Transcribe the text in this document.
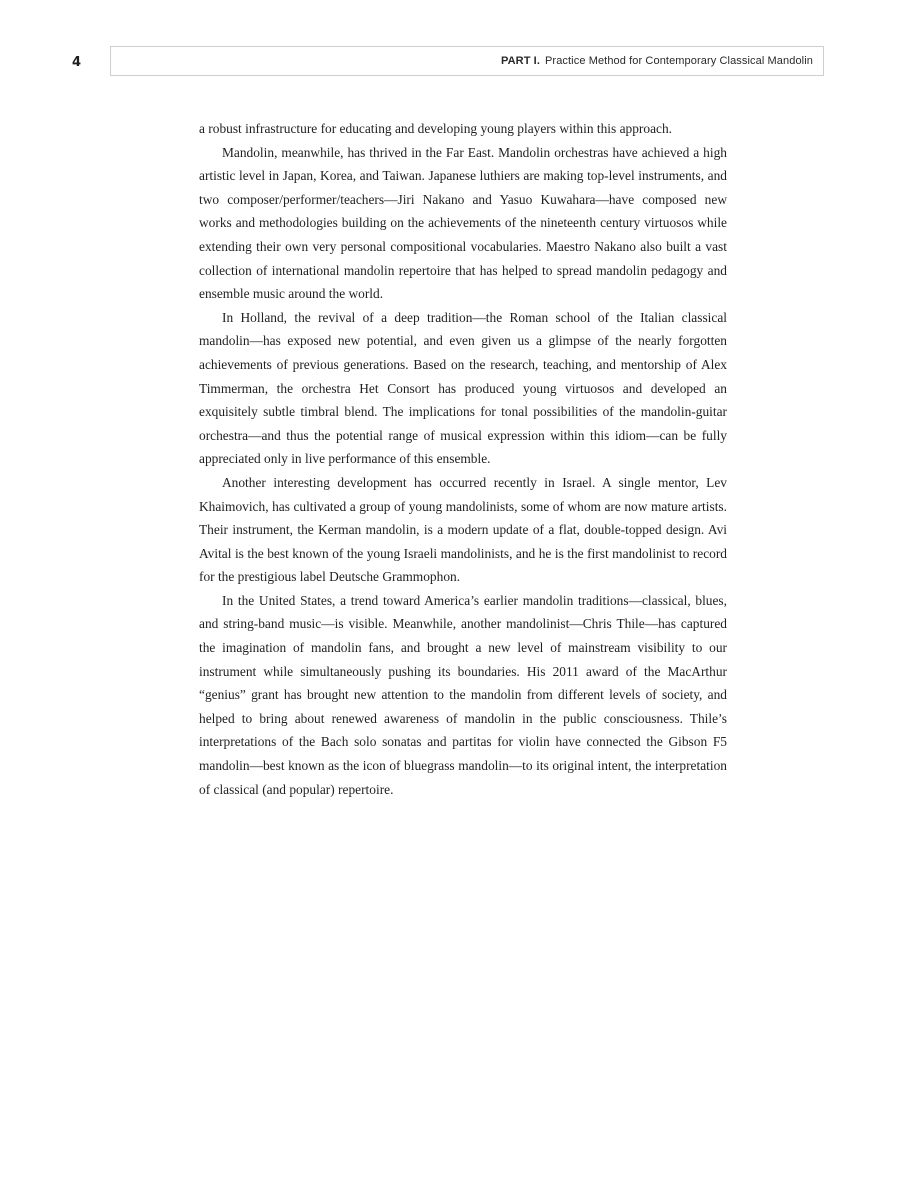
4	PART I. Practice Method for Contemporary Classical Mandolin

a robust infrastructure for educating and developing young players within this approach.

Mandolin, meanwhile, has thrived in the Far East. Mandolin orchestras have achieved a high artistic level in Japan, Korea, and Taiwan. Japanese luthiers are making top-level instruments, and two composer/performer/teachers—Jiri Nakano and Yasuo Kuwahara—have composed new works and methodologies building on the achievements of the nineteenth century virtuosos while extending their own very personal compositional vocabularies. Maestro Nakano also built a vast collection of international mandolin repertoire that has helped to spread mandolin pedagogy and ensemble music around the world.

In Holland, the revival of a deep tradition—the Roman school of the Italian classical mandolin—has exposed new potential, and even given us a glimpse of the nearly forgotten achievements of previous generations. Based on the research, teaching, and mentorship of Alex Timmerman, the orchestra Het Consort has produced young virtuosos and developed an exquisitely subtle timbral blend. The implications for tonal possibilities of the mandolin-guitar orchestra—and thus the potential range of musical expression within this idiom—can be fully appreciated only in live performance of this ensemble.

Another interesting development has occurred recently in Israel. A single mentor, Lev Khaimovich, has cultivated a group of young mandolinists, some of whom are now mature artists. Their instrument, the Kerman mandolin, is a modern update of a flat, double-topped design. Avi Avital is the best known of the young Israeli mandolinists, and he is the first mandolinist to record for the prestigious label Deutsche Grammophon.

In the United States, a trend toward America’s earlier mandolin traditions—classical, blues, and string-band music—is visible. Meanwhile, another mandolinist—Chris Thile—has captured the imagination of mandolin fans, and brought a new level of mainstream visibility to our instrument while simultaneously pushing its boundaries. His 2011 award of the MacArthur “genius” grant has brought new attention to the mandolin from different levels of society, and helped to bring about renewed awareness of mandolin in the public consciousness. Thile’s interpretations of the Bach solo sonatas and partitas for violin have connected the Gibson F5 mandolin—best known as the icon of bluegrass mandolin—to its original intent, the interpretation of classical (and popular) repertoire.
